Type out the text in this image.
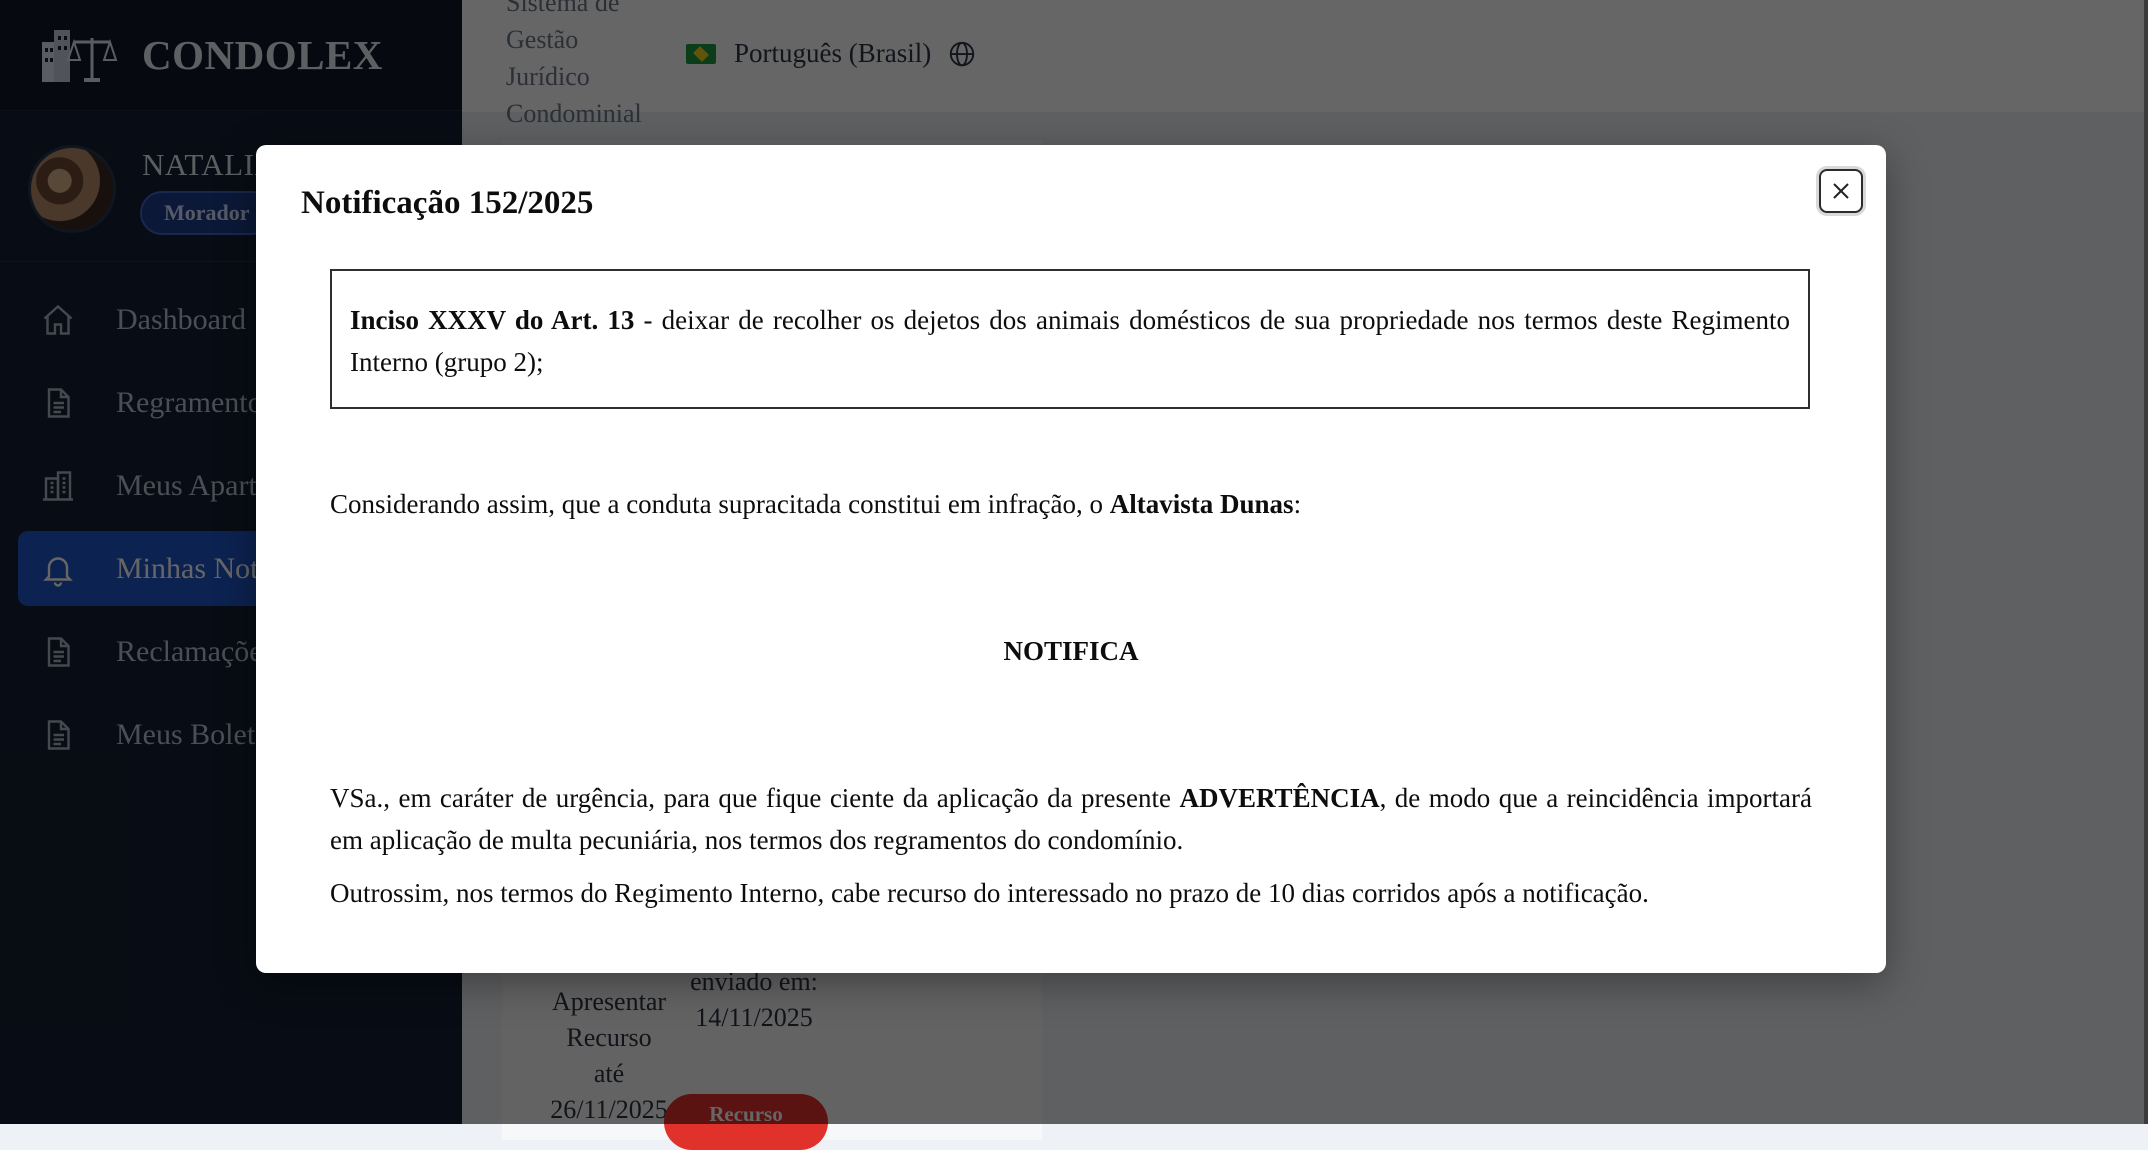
Notificação 152/2025
Inciso XXXV do Art. 13 - deixar de recolher os dejetos dos animais domésticos de sua propriedade nos termos deste Regimento Interno (grupo 2);
Considerando assim, que a conduta supracitada constitui em infração, o Altavista Dunas:
NOTIFICA
VSa., em caráter de urgência, para que fique ciente da aplicação da presente ADVERTÊNCIA, de modo que a reincidência importará em aplicação de multa pecuniária, nos termos dos regramentos do condomínio.
Outrossim, nos termos do Regimento Interno, cabe recurso do interessado no prazo de 10 dias corridos após a notificação.
